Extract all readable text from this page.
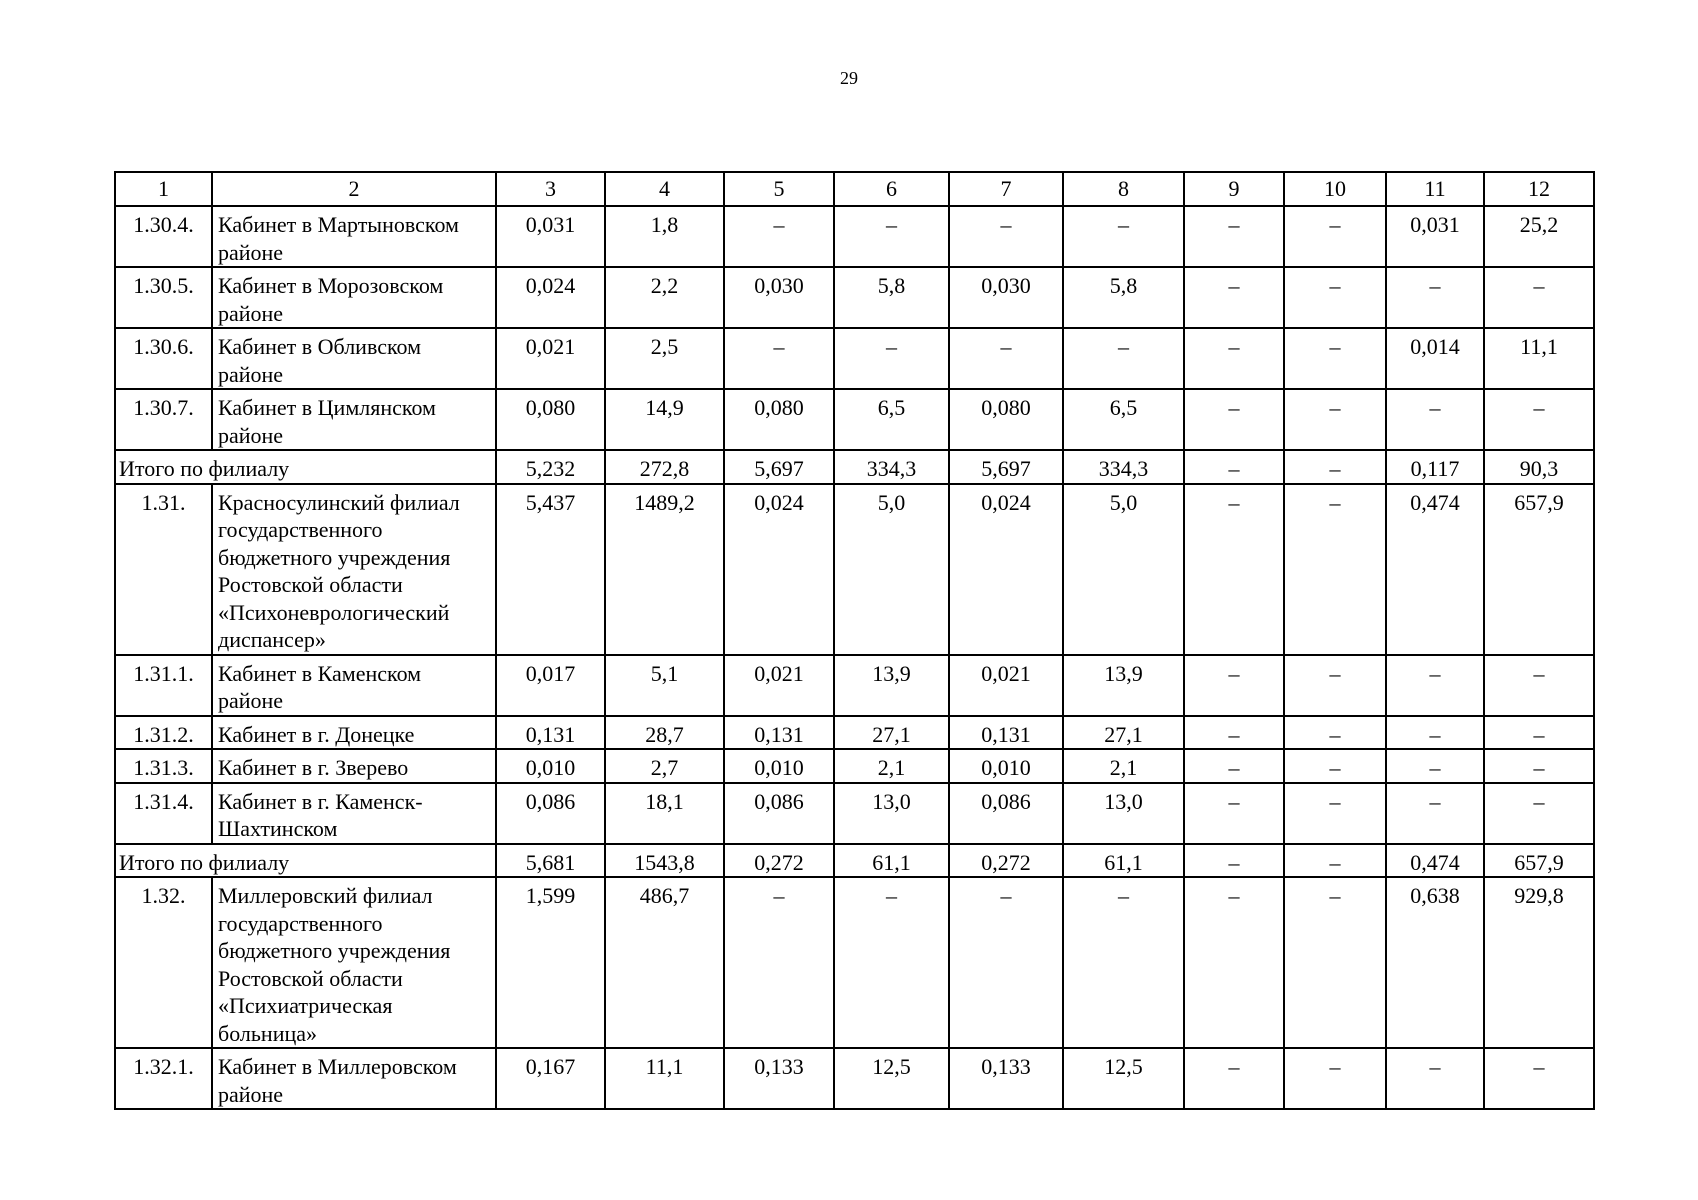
29
1	2	3	4	5	6	7	8	9	10	11	12
1.30.4.	Кабинет в Мартыновском районе	0,031	1,8	–	–	–	–	–	–	0,031	25,2
1.30.5.	Кабинет в Морозовском районе	0,024	2,2	0,030	5,8	0,030	5,8	–	–	–	–
1.30.6.	Кабинет в Обливском районе	0,021	2,5	–	–	–	–	–	–	0,014	11,1
1.30.7.	Кабинет в Цимлянском районе	0,080	14,9	0,080	6,5	0,080	6,5	–	–	–	–
Итого по филиалу		5,232	272,8	5,697	334,3	5,697	334,3	–	–	0,117	90,3
1.31.	Красносулинский филиал государственного бюджетного учреждения Ростовской области «Психоневрологический диспансер»	5,437	1489,2	0,024	5,0	0,024	5,0	–	–	0,474	657,9
1.31.1.	Кабинет в Каменском районе	0,017	5,1	0,021	13,9	0,021	13,9	–	–	–	–
1.31.2.	Кабинет в г. Донецке	0,131	28,7	0,131	27,1	0,131	27,1	–	–	–	–
1.31.3.	Кабинет в г. Зверево	0,010	2,7	0,010	2,1	0,010	2,1	–	–	–	–
1.31.4.	Кабинет в г. Каменск-Шахтинском	0,086	18,1	0,086	13,0	0,086	13,0	–	–	–	–
Итого по филиалу		5,681	1543,8	0,272	61,1	0,272	61,1	–	–	0,474	657,9
1.32.	Миллеровский филиал государственного бюджетного учреждения Ростовской области «Психиатрическая больница»	1,599	486,7	–	–	–	–	–	–	0,638	929,8
1.32.1.	Кабинет в Миллеровском районе	0,167	11,1	0,133	12,5	0,133	12,5	–	–	–	–
